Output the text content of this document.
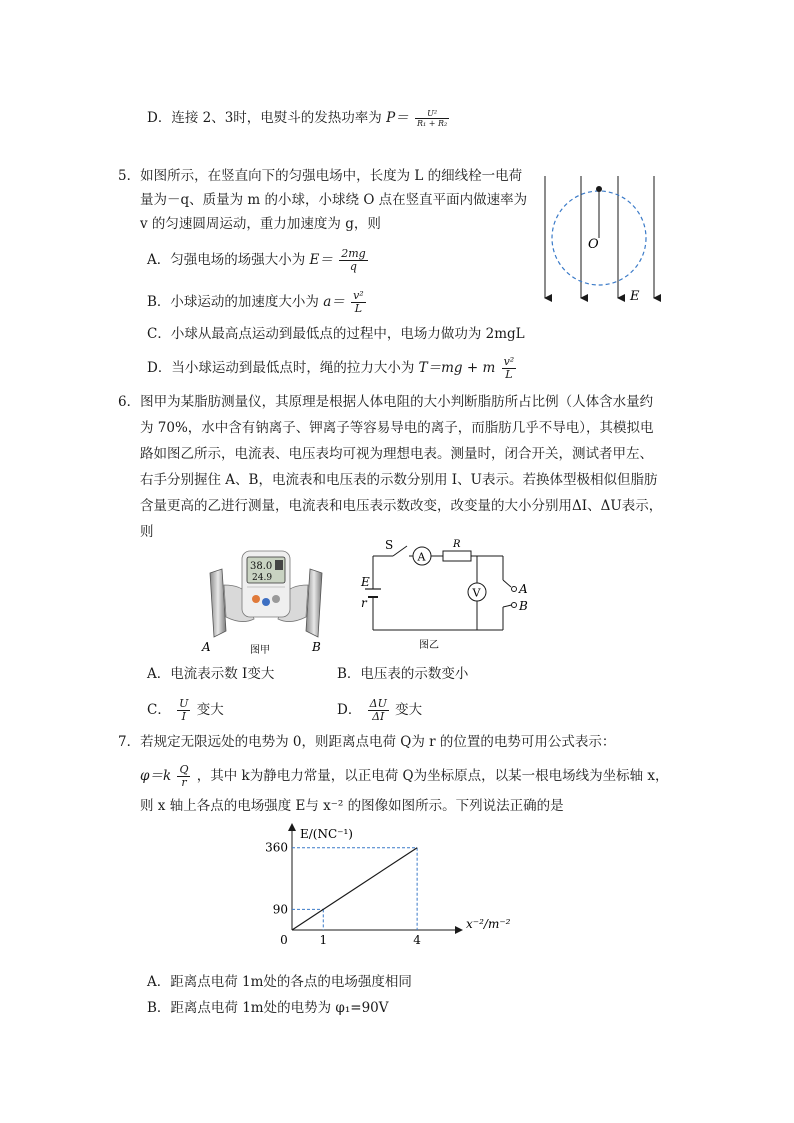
D．连接 2、3时，电熨斗的发热功率为 $P= \frac{\text{U²}}{\text{R₁ + R₂}}$
5．如图所示，在竖直向下的匀强电场中，长度为 L 的细线栓一电荷
量为－q、质量为 m 的小球，小球绕 O 点在竖直平面内做速率为
v 的匀速圆周运动，重力加速度为 g，则
A．匀强电场的场强大小为 $E= \frac{2mg}{q}$
B．小球运动的加速度大小为 $a= \frac{\text{v²}}{L}$
C．小球从最高点运动到最低点的过程中，电场力做功为 2mgL
D．当小球运动到最低点时，绳的拉力大小为 T＝mg + m $\frac{\text{v²}}{L}$
O
E
6．图甲为某脂肪测量仪，其原理是根据人体电阻的大小判断脂肪所占比例（人体含水量约
为 70%，水中含有钠离子、钾离子等容易导电的离子，而脂肪几乎不导电），其模拟电
路如图乙所示，电流表、电压表均可视为理想电表。测量时，闭合开关，测试者甲左、
右手分别握住 A、B，电流表和电压表的示数分别用 I、U表示。若换体型极相似但脂肪
含量更高的乙进行测量，电流表和电压表示数改变，改变量的大小分别用ΔI、ΔU表示，
则
38.0
24.9
A	B
图甲
A
R
V	A
B
S
E
r
图乙
A．电流表示数 I变大	B．电压表的示数变小
C． $\frac{U}{I}$ 变大	D． $\frac{\Delta U}{\Delta I}$ 变大
7．若规定无限远处的电势为 0，则距离点电荷 Q为 r 的位置的电势可用公式表示：
$\varphi=k \frac{Q}{r}$ ，其中 k为静电力常量，以正电荷 Q为坐标原点，以某一根电场线为坐标轴 x，
则 x 轴上各点的电场强度 E与 x⁻² 的图像如图所示。下列说法正确的是
90
360
0	1	4
E/(NC⁻¹)
x⁻²/m⁻²
A．距离点电荷 1m处的各点的电场强度相同
B．距离点电荷 1m处的电势为 φ₁=90V
